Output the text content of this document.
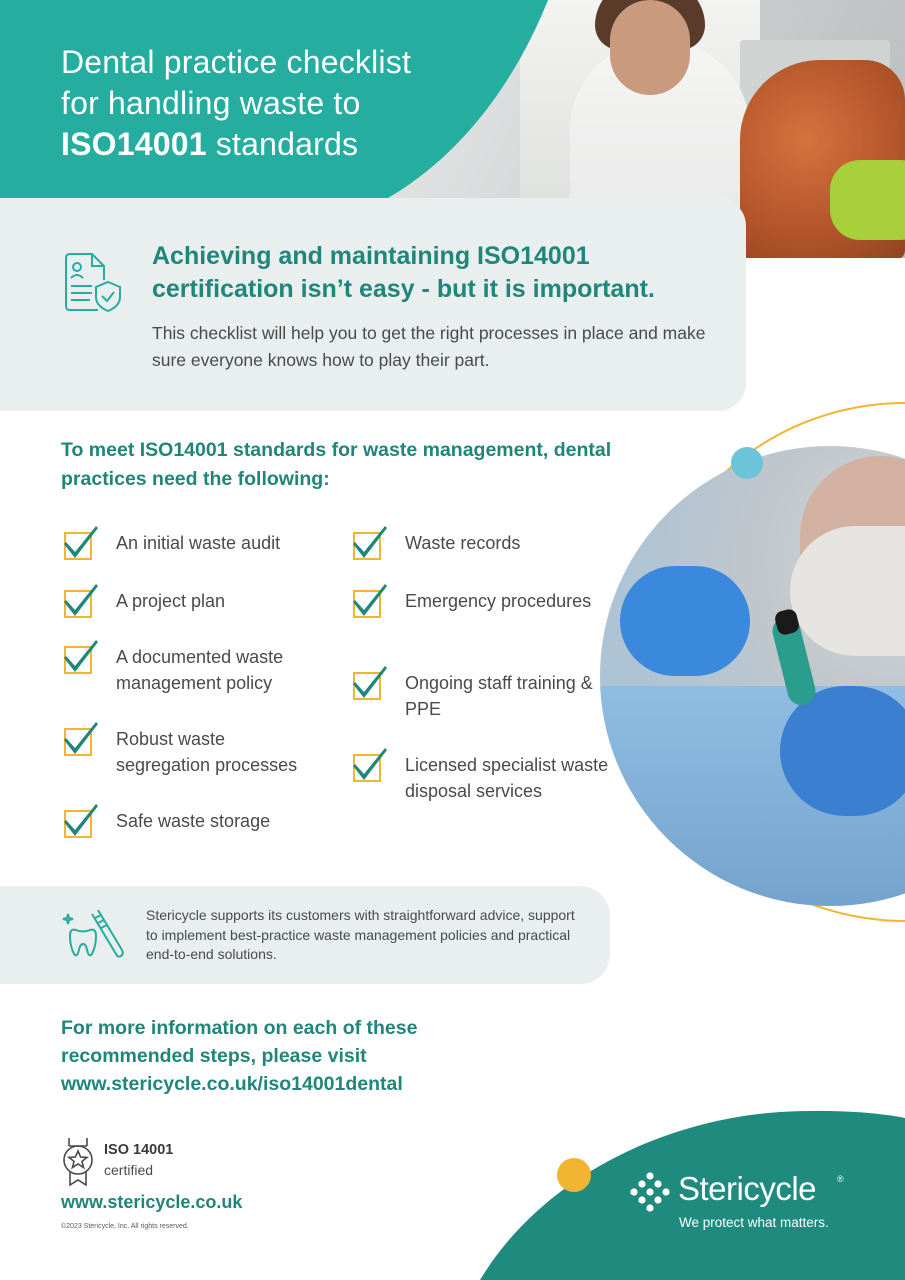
Dental practice checklist
for handling waste to
ISO14001 standards
Achieving and maintaining ISO14001 certification isn’t easy - but it is important.
This checklist will help you to get the right processes in place and make sure everyone knows how to play their part.
To meet ISO14001 standards for waste management, dental practices need the following:
Stericycle supports its customers with straightforward advice, support to implement best-practice waste management policies and practical end-to-end solutions.
For more information on each of these
recommended steps, please visit
www.stericycle.co.uk/iso14001dental
ISO 14001
certified
www.stericycle.co.uk
©2023 Stericycle, Inc. All rights reserved.
Stericycle ®
We protect what matters.
An initial waste audit
A project plan
A documented waste management policy
Robust waste segregation processes
Safe waste storage
Waste records
Emergency procedures
Ongoing staff training & PPE
Licensed specialist waste disposal services
